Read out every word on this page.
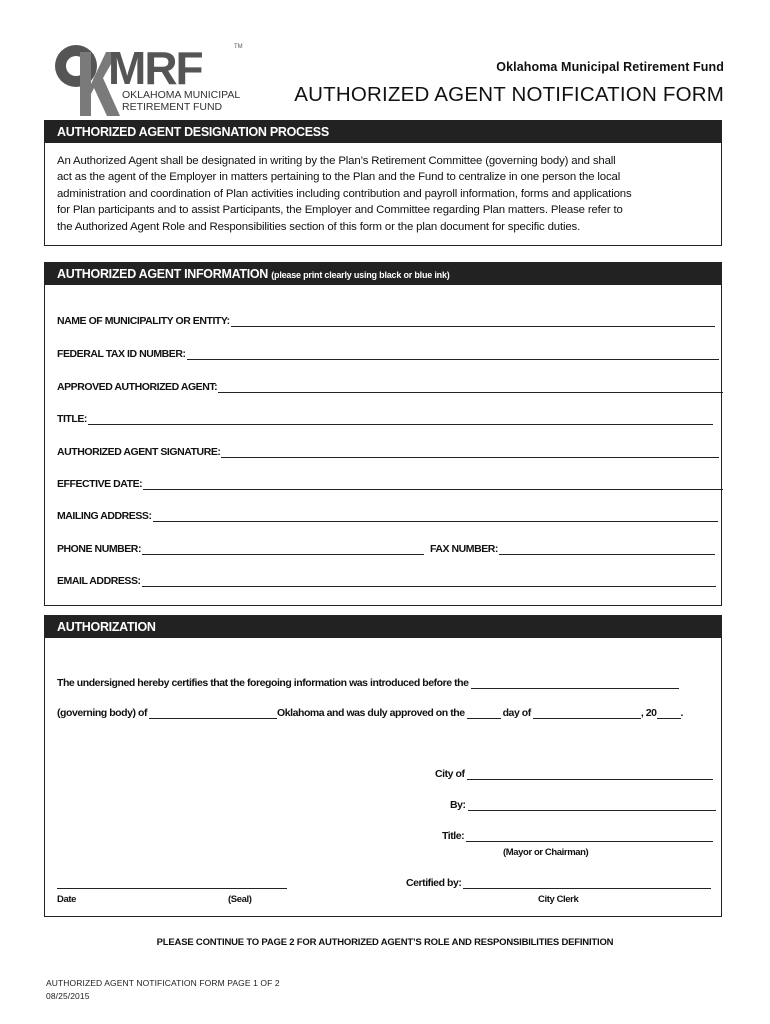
MRF	TM
OKLAHOMA MUNICIPAL
RETIREMENT FUND
Oklahoma Municipal Retirement Fund
AUTHORIZED AGENT NOTIFICATION FORM
AUTHORIZED AGENT DESIGNATION PROCESS
An Authorized Agent shall be designated in writing by the Plan’s Retirement Committee (governing body) and shall
act as the agent of the Employer in matters pertaining to the Plan and the Fund to centralize in one person the local
administration and coordination of Plan activities including contribution and payroll information, forms and applications
for Plan participants and to assist Participants, the Employer and Committee regarding Plan matters. Please refer to
the Authorized Agent Role and Responsibilities section of this form or the plan document for specific duties.
AUTHORIZED AGENT INFORMATION (please print clearly using black or blue ink)
NAME OF MUNICIPALITY OR ENTITY:
FEDERAL TAX ID NUMBER:
APPROVED AUTHORIZED AGENT:
TITLE:
AUTHORIZED AGENT SIGNATURE:
EFFECTIVE DATE:
MAILING ADDRESS:
PHONE NUMBER:	FAX NUMBER:
EMAIL ADDRESS:
AUTHORIZATION
The undersigned hereby certifies that the foregoing information was introduced before the
(governing body) of	Oklahoma and was duly approved on the	day of	, 20 .
City of
By:
Title:
(Mayor or Chairman)
Certified by:
Date	(Seal)	City Clerk
PLEASE CONTINUE TO PAGE 2 FOR AUTHORIZED AGENT’S ROLE AND RESPONSIBILITIES DEFINITION
AUTHORIZED AGENT NOTIFICATION FORM PAGE 1 OF 2
08/25/2015
